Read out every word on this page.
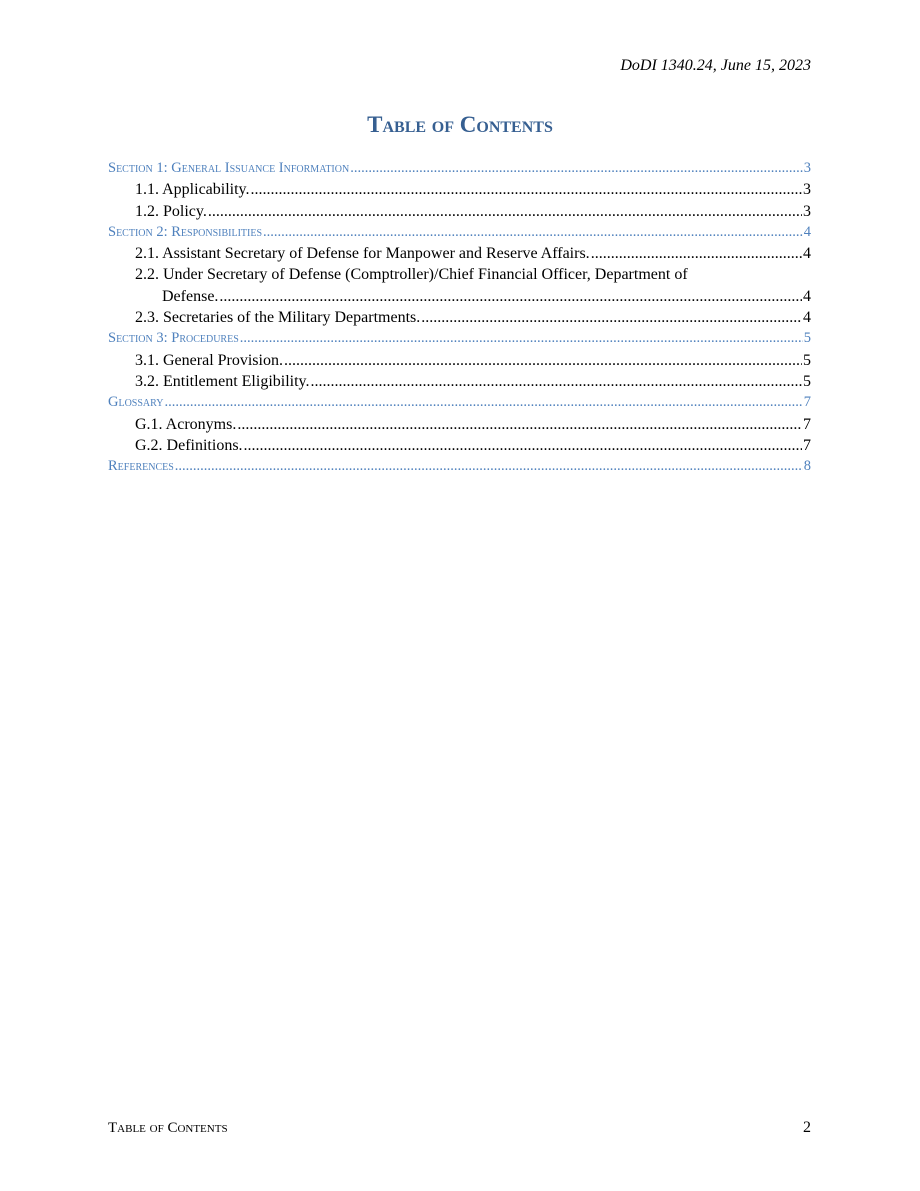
DoDI 1340.24, June 15, 2023
Table of Contents
Section 1: General Issuance Information .....	3
1.1. Applicability. .....	3
1.2. Policy. .....	3
Section 2: Responsibilities .....	4
2.1. Assistant Secretary of Defense for Manpower and Reserve Affairs. .....	4
2.2. Under Secretary of Defense (Comptroller)/Chief Financial Officer, Department of
Defense. .....	4
2.3. Secretaries of the Military Departments. .....	4
Section 3: Procedures .....	5
3.1. General Provision. .....	5
3.2. Entitlement Eligibility. .....	5
Glossary .....	7
G.1. Acronyms. .....	7
G.2. Definitions. .....	7
References .....	8
Table of Contents	2
